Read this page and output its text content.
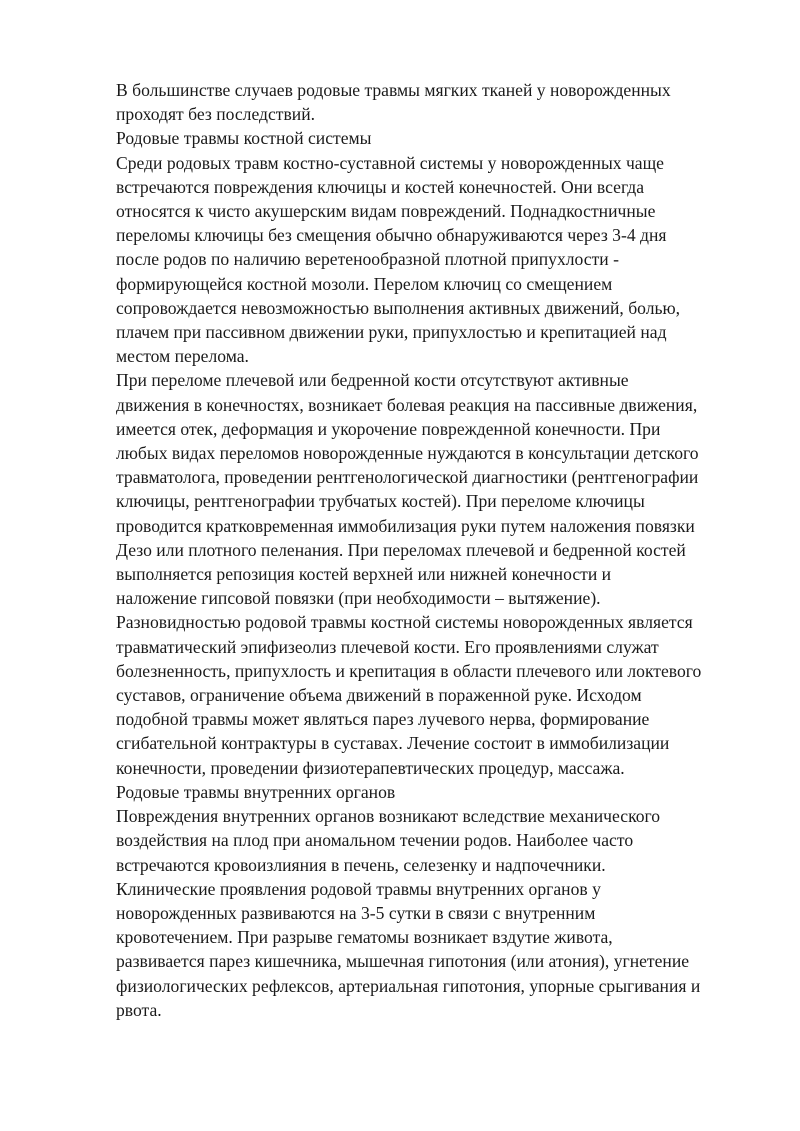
В большинстве случаев родовые травмы мягких тканей у новорожденных
проходят без последствий.

Родовые травмы костной системы

Среди родовых травм костно-суставной системы у новорожденных чаще
встречаются повреждения ключицы и костей конечностей. Они всегда
относятся к чисто акушерским видам повреждений. Поднадкостничные
переломы ключицы без смещения обычно обнаруживаются через 3-4 дня
после родов по наличию веретенообразной плотной припухлости -
формирующейся костной мозоли. Перелом ключиц со смещением
сопровождается невозможностью выполнения активных движений, болью,
плачем при пассивном движении руки, припухлостью и крепитацией над
местом перелома.

При переломе плечевой или бедренной кости отсутствуют активные
движения в конечностях, возникает болевая реакция на пассивные движения,
имеется отек, деформация и укорочение поврежденной конечности. При
любых видах переломов новорожденные нуждаются в консультации детского
травматолога, проведении рентгенологической диагностики (рентгенографии
ключицы, рентгенографии трубчатых костей). При переломе ключицы
проводится кратковременная иммобилизация руки путем наложения повязки
Дезо или плотного пеленания. При переломах плечевой и бедренной костей
выполняется репозиция костей верхней или нижней конечности и
наложение гипсовой повязки (при необходимости – вытяжение).

Разновидностью родовой травмы костной системы новорожденных является
травматический эпифизеолиз плечевой кости. Его проявлениями служат
болезненность, припухлость и крепитация в области плечевого или локтевого
суставов, ограничение объема движений в пораженной руке. Исходом
подобной травмы может являться парез лучевого нерва, формирование
сгибательной контрактуры в суставах. Лечение состоит в иммобилизации
конечности, проведении физиотерапевтических процедур, массажа.

Родовые травмы внутренних органов

Повреждения внутренних органов возникают вследствие механического
воздействия на плод при аномальном течении родов. Наиболее часто
встречаются кровоизлияния в печень, селезенку и надпочечники.

Клинические проявления родовой травмы внутренних органов у
новорожденных развиваются на 3-5 сутки в связи с внутренним
кровотечением. При разрыве гематомы возникает вздутие живота,
развивается парез кишечника, мышечная гипотония (или атония), угнетение
физиологических рефлексов, артериальная гипотония, упорные срыгивания и
рвота.
